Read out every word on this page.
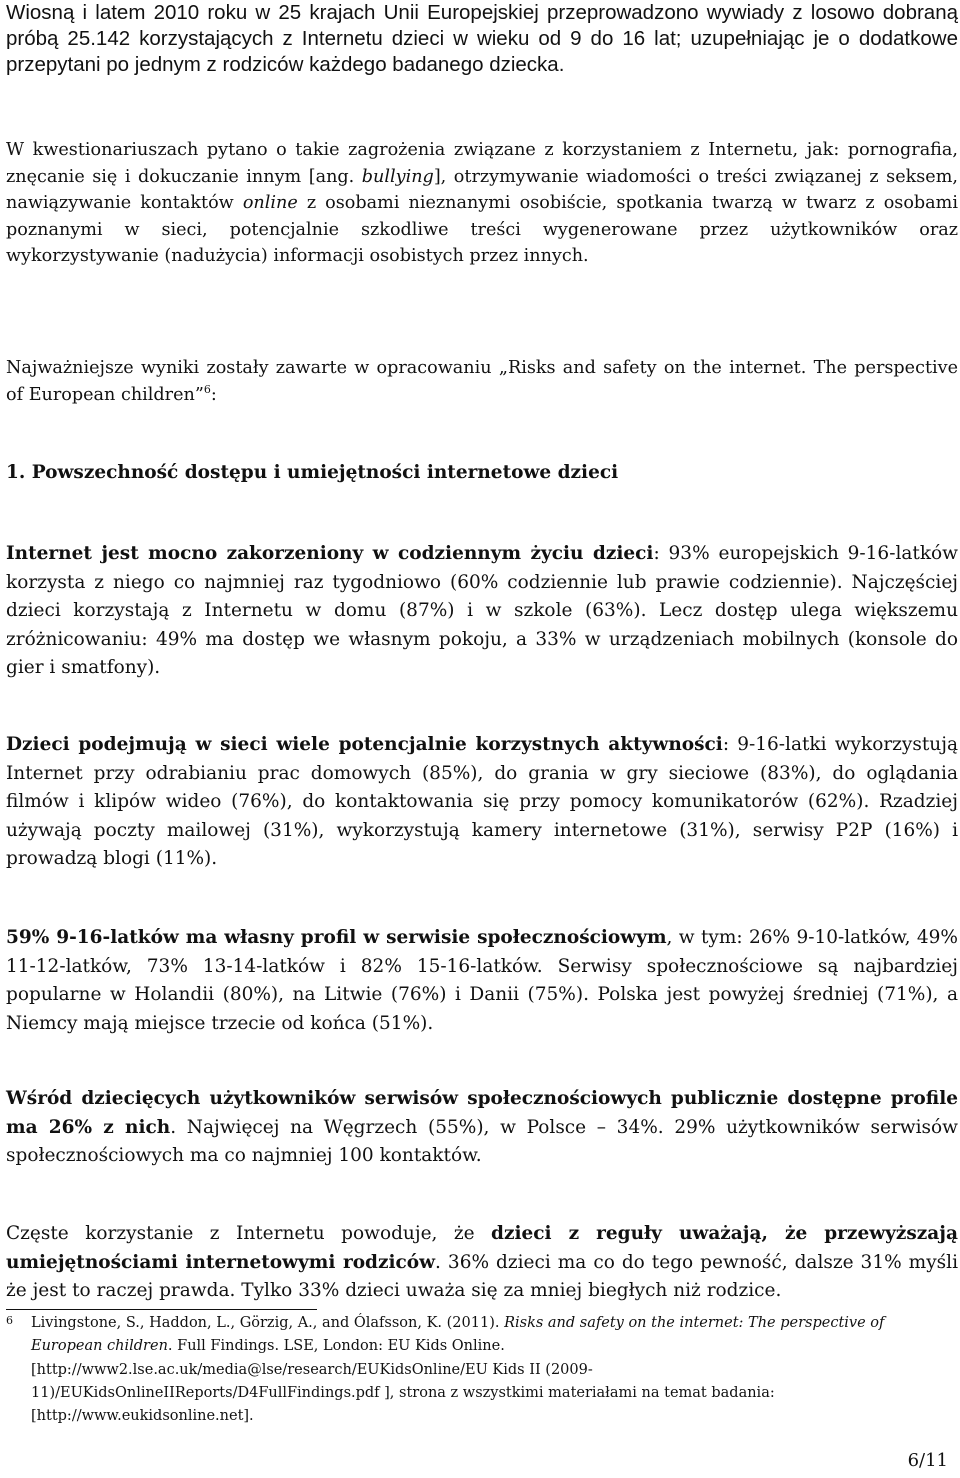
Wiosną i latem 2010 roku w 25 krajach Unii Europejskiej przeprowadzono wywiady z losowo dobraną próbą 25.142 korzystających z Internetu dzieci w wieku od 9 do 16 lat; uzupełniając je o dodatkowe przepytani po jednym z rodziców każdego badanego dziecka.

W kwestionariuszach pytano o takie zagrożenia związane z korzystaniem z Internetu, jak: pornografia, znęcanie się i dokuczanie innym [ang. bullying], otrzymywanie wiadomości o treści związanej z seksem, nawiązywanie kontaktów online z osobami nieznanymi osobiście, spotkania twarzą w twarz z osobami poznanymi w sieci, potencjalnie szkodliwe treści wygenerowane przez użytkowników oraz wykorzystywanie (nadużycia) informacji osobistych przez innych.

Najważniejsze wyniki zostały zawarte w opracowaniu „Risks and safety on the internet. The perspective of European children”$^6$:

1. Powszechność dostępu i umiejętności internetowe dzieci

Internet jest mocno zakorzeniony w codziennym życiu dzieci: 93% europejskich 9-16-latków korzysta z niego co najmniej raz tygodniowo (60% codziennie lub prawie codziennie). Najczęściej dzieci korzystają z Internetu w domu (87%) i w szkole (63%). Lecz dostęp ulega większemu zróżnicowaniu: 49% ma dostęp we własnym pokoju, a 33% w urządzeniach mobilnych (konsole do gier i smatfony).

Dzieci podejmują w sieci wiele potencjalnie korzystnych aktywności: 9-16-latki wykorzystują Internet przy odrabianiu prac domowych (85%), do grania w gry sieciowe (83%), do oglądania filmów i klipów wideo (76%), do kontaktowania się przy pomocy komunikatorów (62%). Rzadziej używają poczty mailowej (31%), wykorzystują kamery internetowe (31%), serwisy P2P (16%) i prowadzą blogi (11%).

59% 9-16-latków ma własny profil w serwisie społecznościowym, w tym: 26% 9-10-latków, 49% 11-12-latków, 73% 13-14-latków i 82% 15-16-latków. Serwisy społecznościowe są najbardziej popularne w Holandii (80%), na Litwie (76%) i Danii (75%). Polska jest powyżej średniej (71%), a Niemcy mają miejsce trzecie od końca (51%).

Wśród dziecięcych użytkowników serwisów społecznościowych publicznie dostępne profile ma 26% z nich. Najwięcej na Węgrzech (55%), w Polsce – 34%. 29% użytkowników serwisów społecznościowych ma co najmniej 100 kontaktów.

Częste korzystanie z Internetu powoduje, że dzieci z reguły uważają, że przewyższają umiejętnościami internetowymi rodziców. 36% dzieci ma co do tego pewność, dalsze 31% myśli że jest to raczej prawda. Tylko 33% dzieci uważa się za mniej biegłych niż rodzice.

6 Livingstone, S., Haddon, L., Görzig, A., and Ólafsson, K. (2011). Risks and safety on the internet: The perspective of European children. Full Findings. LSE, London: EU Kids Online. [http://www2.lse.ac.uk/media@lse/research/EUKidsOnline/EU Kids II (2009-11)/EUKidsOnlineIIReports/D4FullFindings.pdf ], strona z wszystkimi materiałami na temat badania: [http://www.eukidsonline.net].
6/11
